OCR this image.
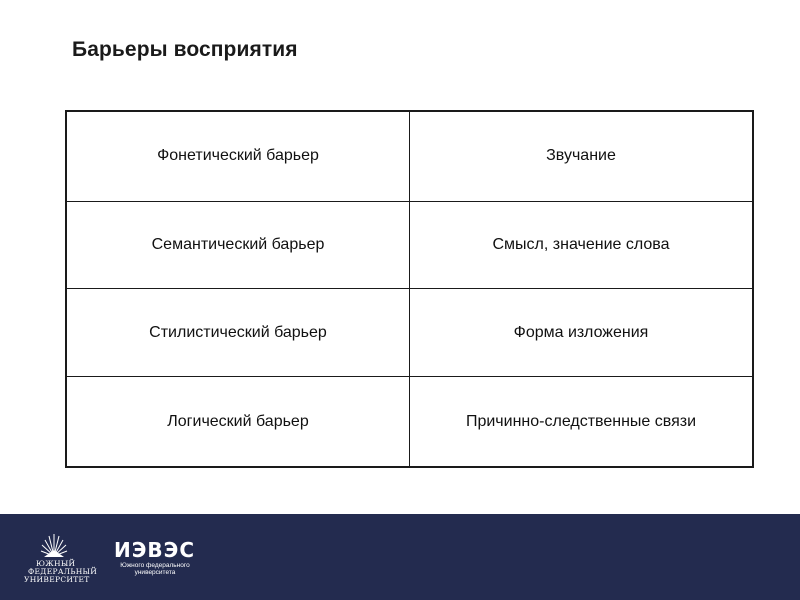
Барьеры восприятия
Фонетический барьер	Звучание
Семантический барьер	Смысл, значение слова
Стилистический барьер	Форма изложения
Логический барьер	Причинно-следственные связи
ЮЖНЫЙ
ФЕДЕРАЛЬНЫЙ
УНИВЕРСИТЕТ
ИЭВЭС
Южного федерального
университета
